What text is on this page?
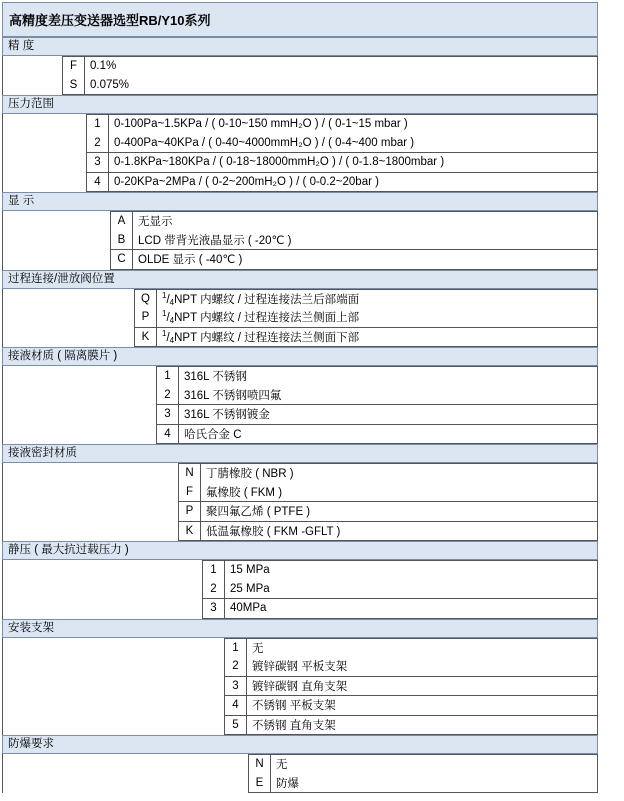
高精度差压变送器选型RB/Y10系列
精 度
F	0.1%
S	0.075%
压力范围
1	0-100Pa~1.5KPa / ( 0-10~150 mmH₂O ) / ( 0-1~15 mbar )
2	0-400Pa~40KPa / ( 0-40~4000mmH₂O ) / ( 0-4~400 mbar )
3	0-1.8KPa~180KPa / ( 0-18~18000mmH₂O ) / ( 0-1.8~1800mbar )
4	0-20KPa~2MPa / ( 0-2~200mH₂O ) / ( 0-0.2~20bar )
显 示
A	无显示
B	LCD 带背光液晶显示 ( -20℃ )
C	OLDE 显示 ( -40℃ )
过程连接/泄放阀位置
Q	$^1/_4NPT$ 内螺纹 / 过程连接法兰后部端面
P	$^1/_4NPT$ 内螺纹 / 过程连接法兰侧面上部
K	$^1/_4NPT$ 内螺纹 / 过程连接法兰侧面下部
接液材质 ( 隔离膜片 )
1	316L 不锈钢
2	316L 不锈钢喷四氟
3	316L 不锈钢镀金
4	哈氏合金 C
接液密封材质
N	丁腈橡胶 ( NBR )
F	氟橡胶 ( FKM )
P	聚四氟乙烯 ( PTFE )
K	低温氟橡胶 ( FKM -GFLT )
静压 ( 最大抗过载压力 )
1	15 MPa
2	25 MPa
3	40MPa
安装支架
1	无
2	镀锌碳钢 平板支架
3	镀锌碳钢 直角支架
4	不锈钢 平板支架
5	不锈钢 直角支架
防爆要求
N	无
E	防爆
